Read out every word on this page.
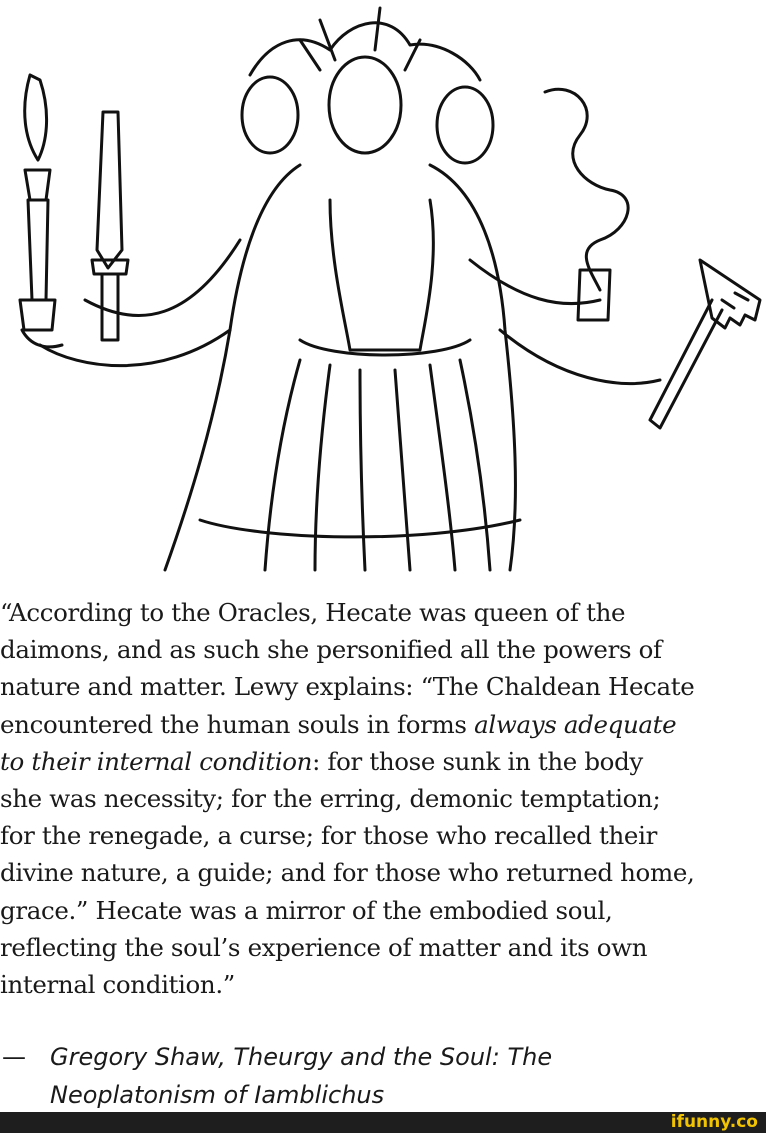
“According to the Oracles, Hecate was queen of the
daimons, and as such she personified all the powers of
nature and matter. Lewy explains: “The Chaldean Hecate
encountered the human souls in forms always adequate
to their internal condition: for those sunk in the body
she was necessity; for the erring, demonic temptation;
for the renegade, a curse; for those who recalled their
divine nature, a guide; and for those who returned home,
grace.” Hecate was a mirror of the embodied soul,
reflecting the soul’s experience of matter and its own
internal condition.”
—	Gregory Shaw, Theurgy and the Soul: The
Neoplatonism of Iamblichus
ifunny.co
